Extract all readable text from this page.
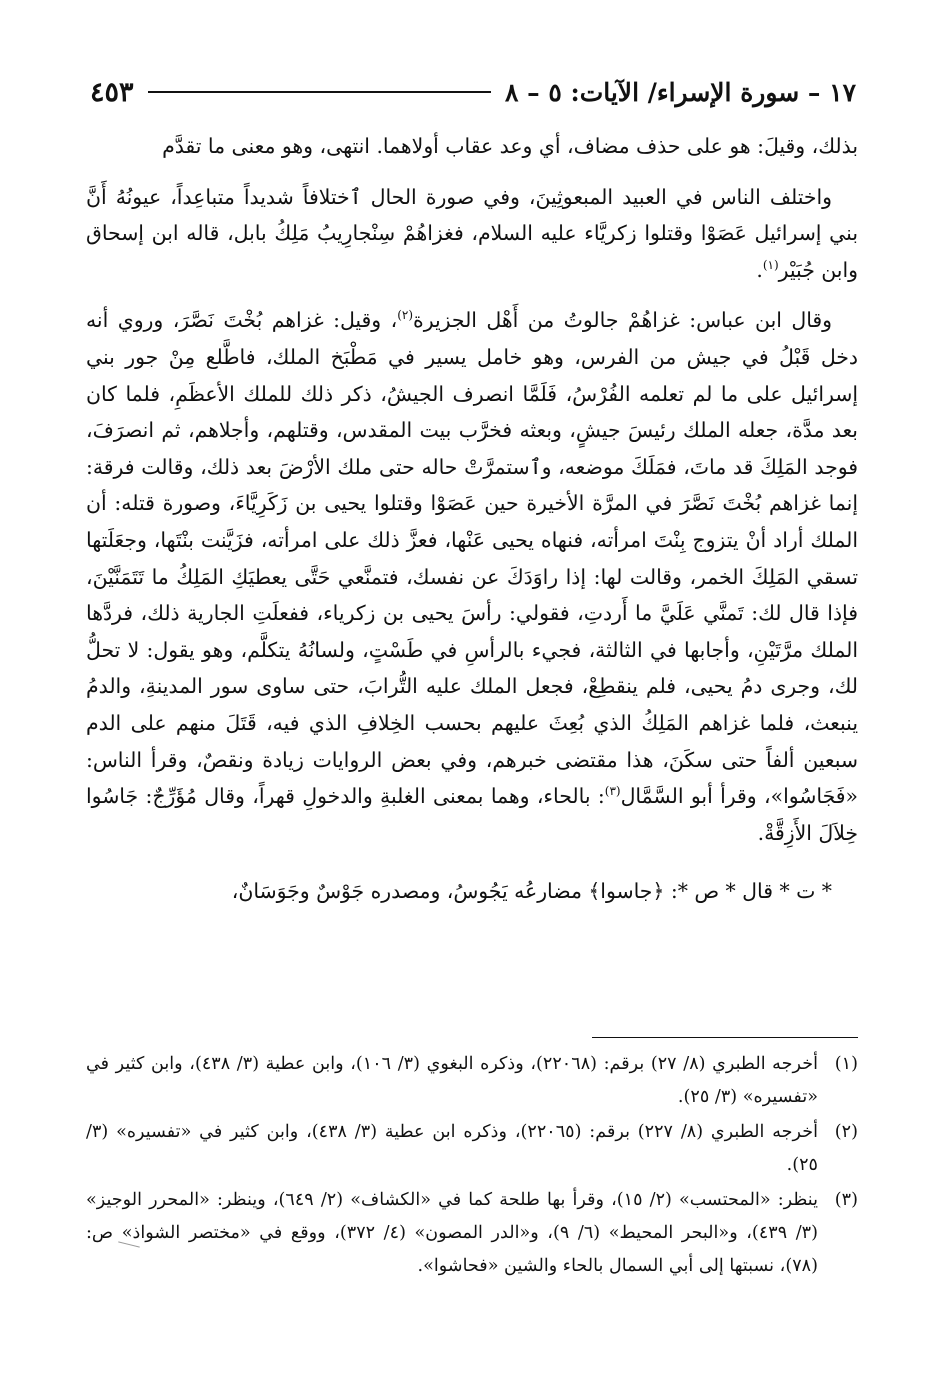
١٧ – سورة الإسراء/ الآيات: ٥ – ٨
٤٥٣

بذلك، وقيلَ: هو على حذف مضاف، أي وعد عقاب أولاهما. انتهى، وهو معنى ما تقدَّم

واختلف الناس في العبيد المبعوثِينَ، وفي صورة الحال ٱختلافاً شديداً متباعِداً، عيونُهُ أَنَّ بني إسرائيل عَصَوْا وقتلوا زكريَّاء عليه السلام، فغزاهُمْ سِنْجارِيبُ مَلِكُ بابل، قاله ابن إسحاق وابن جُبَيْر$^{(١)}$.

وقال ابن عباس: غزاهُمْ جالوتُ من أَهْل الجزيرة$^{(٢)}$، وقيل: غزاهم بُخْتَ نَصَّرَ، وروي أنه دخل قَبْلُ في جيش من الفرس، وهو خامل يسير في مَطْبَخ الملك، فاطَّلع مِنْ جور بني إسرائيل على ما لم تعلمه الفُرْسُ، فَلَمَّا انصرف الجيشُ، ذكر ذلك للملك الأعظَمِ، فلما كان بعد مدَّة، جعله الملك رئيسَ جيشٍ، وبعثه فخرَّب بيت المقدس، وقتلهم، وأجلاهم، ثم انصرَفَ، فوجد المَلِكَ قد ماتَ، فمَلَكَ موضعه، وٱستمرَّتْ حاله حتى ملك الأرْضَ بعد ذلك، وقالت فرقة: إنما غزاهم بُخْتَ نَصَّرَ في المرَّة الأخيرة حين عَصَوْا وقتلوا يحيى بن زَكَرِيَّاءَ، وصورة قتله: أن الملك أراد أنْ يتزوج بِنْتَ امرأته، فنهاه يحيى عَنْها، فعزَّ ذلك على امرأته، فزَيَّنت بنْتَها، وجعَلَتها تسقي المَلِكَ الخمر، وقالت لها: إذا راوَدَكَ عن نفسك، فتمنَّعي حَتَّى يعطيَكِ المَلِكُ ما تَتَمَنَّيْنَ، فإذا قال لك: تَمنَّي عَلَيَّ ما أَردتِ، فقولي: رأسَ يحيى بن زكرياء، ففعلَتِ الجارية ذلك، فردَّها الملك مرَّتَيْنِ، وأجابها في الثالثة، فجيء بالرأسِ في طَسْتٍ، ولسانُهُ يتكلَّم، وهو يقول: لا تحلُّ لك، وجرى دمُ يحيى، فلم ينقطِعْ، فجعل الملك عليه التُّرابَ، حتى ساوى سور المدينةِ، والدمُ ينبعث، فلما غزاهم المَلِكُ الذي بُعِثَ عليهم بحسب الخِلافِ الذي فيه، قَتَلَ منهم على الدم سبعين ألفاً حتى سكَنَ، هذا مقتضى خبرهم، وفي بعض الروايات زيادة ونقصٌ، وقرأ الناس: «فَجَاسُوا»، وقرأ أبو السَّمَّال$^{(٣)}$: بالحاء، وهما بمعنى الغلبةِ والدخولِ قهراً، وقال مُؤَرِّجٌ: جَاسُوا خِلاَلَ الأَزِقَّةْ.

* ت * قال * ص *: ﴿جاسوا﴾ مضارعُه يَجُوسُ، ومصدره جَوْسٌ وجَوَسَانٌ،

(١)
أخرجه الطبري (٨/ ٢٧) برقم: (٢٢٠٦٨)، وذكره البغوي (٣/ ١٠٦)، وابن عطية (٣/ ٤٣٨)، وابن كثير في «تفسيره» (٣/ ٢٥).
(٢)
أخرجه الطبري (٨/ ٢٢٧) برقم: (٢٢٠٦٥)، وذكره ابن عطية (٣/ ٤٣٨)، وابن كثير في «تفسيره» (٣/ ٢٥).
(٣)
ينظر: «المحتسب» (٢/ ١٥)، وقرأ بها طلحة كما في «الكشاف» (٢/ ٦٤٩)، وينظر: «المحرر الوجيز» (٣/ ٤٣٩)، و«البحر المحيط» (٦/ ٩)، و«الدر المصون» (٤/ ٣٧٢)، ووقع في «مختصر الشواذ» ص: (٧٨)، نسبتها إلى أبي السمال بالحاء والشين «فحاشوا».
